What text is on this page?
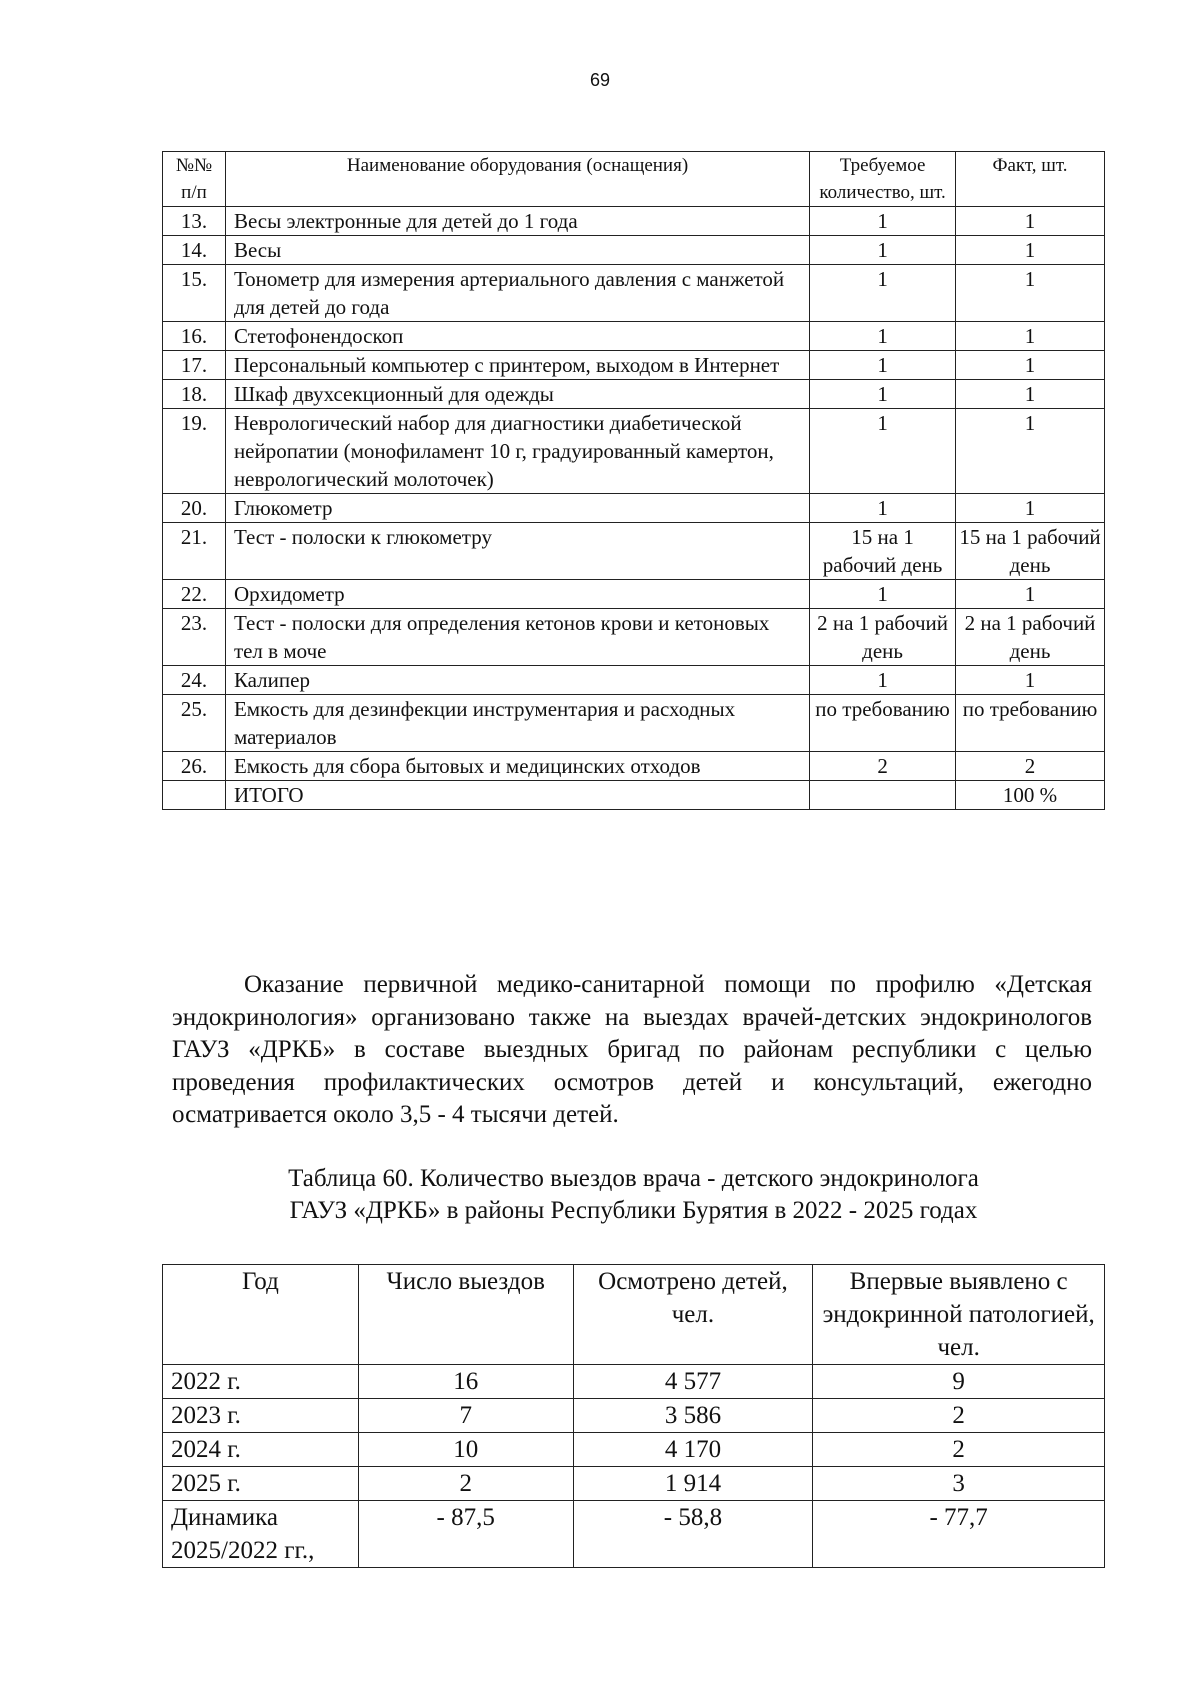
69
№№ п/п	Наименование оборудования (оснащения)	Требуемое количество, шт.	Факт, шт.
13.	Весы электронные для детей до 1 года	1	1
14.	Весы	1	1
15.	Тонометр для измерения артериального давления с манжетой для детей до года	1	1
16.	Стетофонендоскоп	1	1
17.	Персональный компьютер с принтером, выходом в Интернет	1	1
18.	Шкаф двухсекционный для одежды	1	1
19.	Неврологический набор для диагностики диабетической нейропатии (монофиламент 10 г, градуированный камертон, неврологический молоточек)	1	1
20.	Глюкометр	1	1
21.	Тест - полоски к глюкометру	15 на 1 рабочий день	15 на 1 рабочий день
22.	Орхидометр	1	1
23.	Тест - полоски для определения кетонов крови и кетоновых тел в моче	2 на 1 рабочий день	2 на 1 рабочий день
24.	Калипер	1	1
25.	Емкость для дезинфекции инструментария и расходных материалов	по требованию	по требованию
26.	Емкость для сбора бытовых и медицинских отходов	2	2
	ИТОГО		100 %
Оказание первичной медико-санитарной помощи по профилю «Детская эндокринология» организовано также на выездах врачей-детских эндокринологов ГАУЗ «ДРКБ» в составе выездных бригад по районам республики с целью проведения профилактических осмотров детей и консультаций, ежегодно осматривается около 3,5 - 4 тысячи детей.
Таблица 60. Количество выездов врача - детского эндокринолога
ГАУЗ «ДРКБ» в районы Республики Бурятия в 2022 - 2025 годах
Год	Число выездов	Осмотрено детей, чел.	Впервые выявлено с эндокринной патологией, чел.
2022 г.	16	4 577	9
2023 г.	7	3 586	2
2024 г.	10	4 170	2
2025 г.	2	1 914	3
Динамика 2025/2022 гг.,	- 87,5	- 58,8	- 77,7
